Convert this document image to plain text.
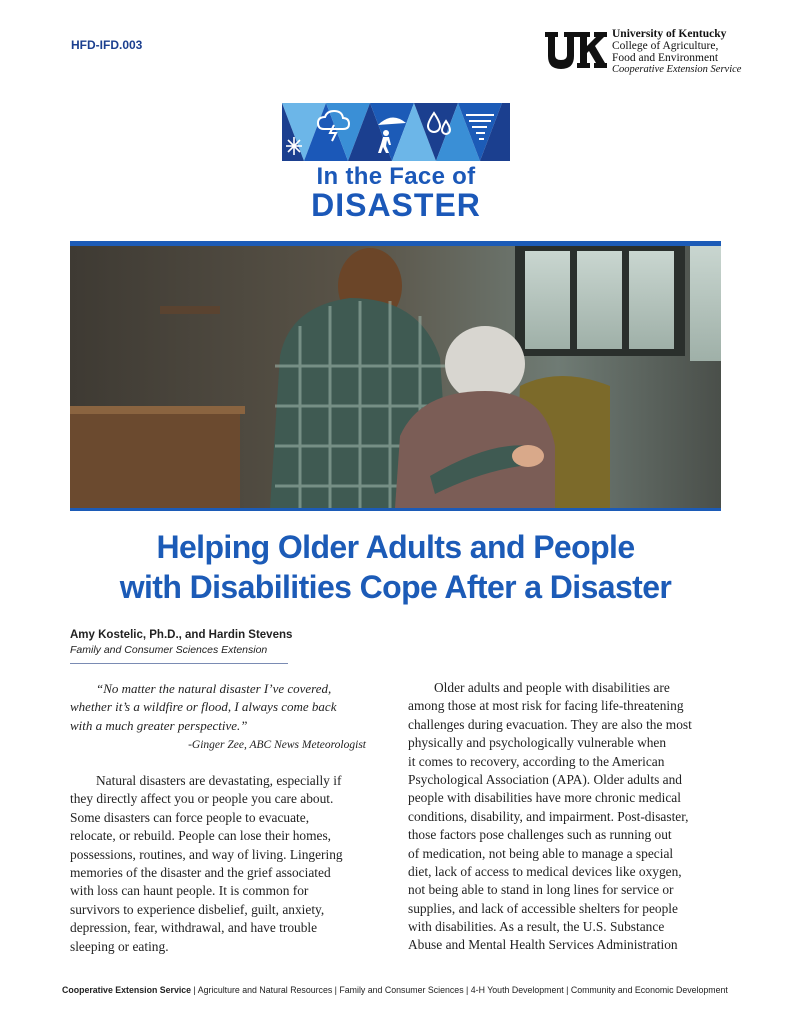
HFD-IFD.003
University of Kentucky
College of Agriculture,
Food and Environment
Cooperative Extension Service
In the Face of
DISASTER
Helping Older Adults and People
with Disabilities Cope After a Disaster
Amy Kostelic, Ph.D., and Hardin Stevens
Family and Consumer Sciences Extension
“No matter the natural disaster I’ve covered,
whether it’s a wildfire or flood, I always come back
with a much greater perspective.”
-Ginger Zee, ABC News Meteorologist
Natural disasters are devastating, especially if
they directly affect you or people you care about.
Some disasters can force people to evacuate,
relocate, or rebuild. People can lose their homes,
possessions, routines, and way of living. Lingering
memories of the disaster and the grief associated
with loss can haunt people. It is common for
survivors to experience disbelief, guilt, anxiety,
depression, fear, withdrawal, and have trouble
sleeping or eating.
Older adults and people with disabilities are
among those at most risk for facing life-threatening
challenges during evacuation. They are also the most
physically and psychologically vulnerable when
it comes to recovery, according to the American
Psychological Association (APA). Older adults and
people with disabilities have more chronic medical
conditions, disability, and impairment. Post-disaster,
those factors pose challenges such as running out
of medication, not being able to manage a special
diet, lack of access to medical devices like oxygen,
not being able to stand in long lines for service or
supplies, and lack of accessible shelters for people
with disabilities. As a result, the U.S. Substance
Abuse and Mental Health Services Administration
Cooperative Extension Service | Agriculture and Natural Resources | Family and Consumer Sciences | 4-H Youth Development | Community and Economic Development
